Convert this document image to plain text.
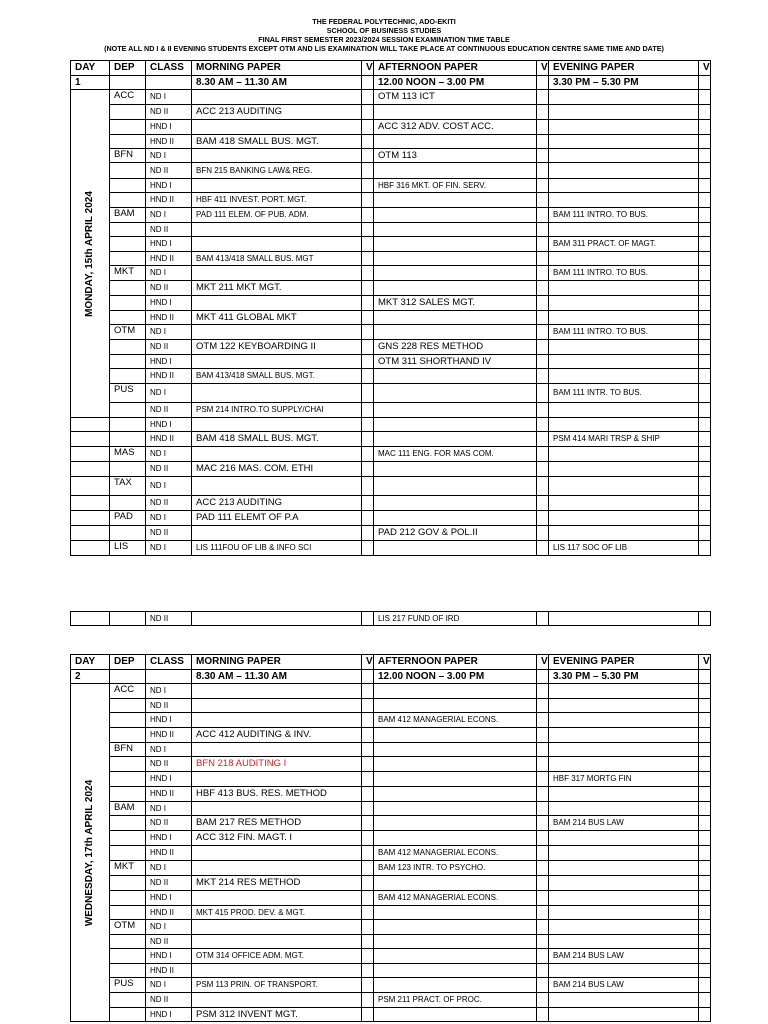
THE FEDERAL POLYTECHNIC, ADO-EKITI
SCHOOL OF BUSINESS STUDIES
FINAL FIRST SEMESTER 2023/2024 SESSION EXAMINATION TIME TABLE
(NOTE ALL ND I & II EVENING STUDENTS EXCEPT OTM AND LIS EXAMINATION WILL TAKE PLACE AT CONTINUOUS EDUCATION CENTRE SAME TIME AND DATE)
DAY	DEP	CLASS	MORNING PAPER	V	AFTERNOON PAPER	V	EVENING PAPER	V
1			8.30 AM – 11.30 AM		12.00 NOON – 3.00 PM		3.30 PM – 5.30 PM	

MONDAY, 15th APRIL 2024	ACC	ND I			OTM 113 ICT			
		ND II	ACC 213 AUDITING					
		HND I			ACC 312 ADV. COST ACC.			
		HND II	BAM 418 SMALL BUS. MGT.					
	BFN	ND I			OTM 113			
		ND II	BFN 215 BANKING LAW& REG.					
		HND I			HBF 316 MKT. OF FIN. SERV.			
		HND II	HBF 411 INVEST. PORT. MGT.					
	BAM	ND I	PAD 111 ELEM. OF PUB. ADM.				BAM 111 INTRO. TO BUS.	
		ND II						
		HND I					BAM 311 PRACT. OF MAGT.	
		HND II	BAM 413/418 SMALL BUS. MGT					
	MKT	ND I					BAM 111 INTRO. TO BUS.	
		ND II	MKT 211 MKT MGT.					
		HND I			MKT 312 SALES MGT.			
		HND II	MKT 411 GLOBAL MKT					
	OTM	ND I					BAM 111 INTRO. TO BUS.	
		ND II	OTM 122 KEYBOARDING II		GNS 228 RES METHOD			
		HND I			OTM 311 SHORTHAND IV			
		HND II	BAM 413/418 SMALL BUS. MGT.					
	PUS	ND I					BAM 111 INTR. TO BUS.	
		ND II	PSM 214 INTRO.TO SUPPLY/CHAI					
		HND I						
		HND II	BAM 418 SMALL BUS. MGT.				PSM 414 MARI TRSP & SHIP	
	MAS	ND I			MAC 111 ENG. FOR MAS COM.			
		ND II	MAC 216 MAS. COM. ETHI					
	TAX	ND I						
		ND II	ACC 213 AUDITING					
	PAD	ND I	PAD 111 ELEMT OF P.A					
		ND II			PAD 212 GOV & POL.II			
	LIS	ND I	LIS 111FOU OF LIB & INFO SCI				LIS 117 SOC OF LIB	
		ND II			LIS 217 FUND OF IRD			
DAY	DEP	CLASS	MORNING PAPER	V	AFTERNOON PAPER	V	EVENING PAPER	V
2			8.30 AM – 11.30 AM		12.00 NOON – 3.00 PM		3.30 PM – 5.30 PM	

WEDNESDAY, 17th APRIL 2024	ACC	ND I						
		ND II						
		HND I			BAM 412 MANAGERIAL ECONS.			
		HND II	ACC 412 AUDITING & INV.					
	BFN	ND I						
		ND II	BFN 218 AUDITING I					
		HND I					HBF 317 MORTG FIN	
		HND II	HBF 413 BUS. RES. METHOD					
	BAM	ND I						
		ND II	BAM 217 RES METHOD				BAM 214 BUS LAW	
		HND I	ACC 312 FIN. MAGT. I					
		HND II			BAM 412 MANAGERIAL ECONS.			
	MKT	ND I			BAM 123 INTR. TO PSYCHO.			
		ND II	MKT 214 RES METHOD					
		HND I			BAM 412 MANAGERIAL ECONS.			
		HND II	MKT 415 PROD. DEV. & MGT.					
	OTM	ND I						
		ND II						
		HND I	OTM 314 OFFICE ADM. MGT.				BAM 214 BUS LAW	
		HND II						
	PUS	ND I	PSM 113 PRIN. OF TRANSPORT.				BAM 214 BUS LAW	
		ND II			PSM 211 PRACT. OF PROC.			
		HND I	PSM 312 INVENT MGT.					
